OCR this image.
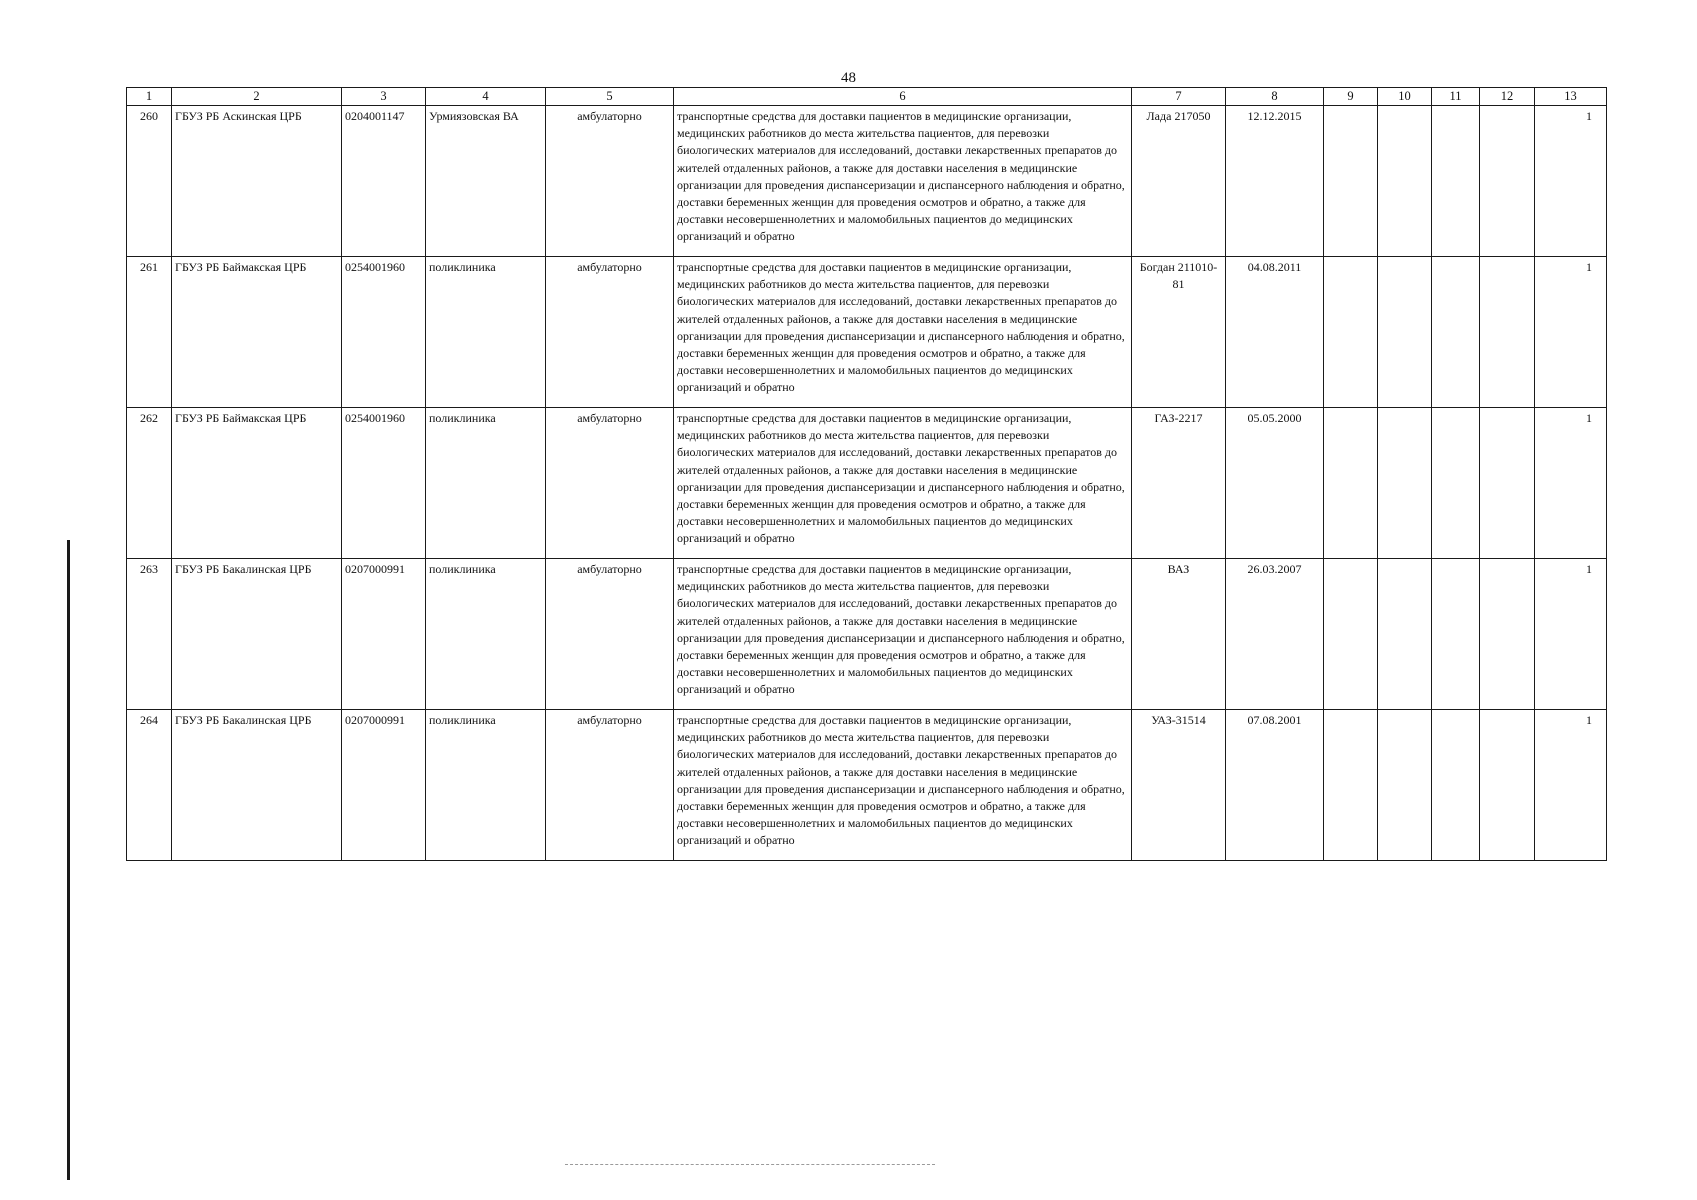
48
1	2	3	4	5	6	7	8	9	10	11	12	13
260	ГБУЗ РБ Аскинская ЦРБ	0204001147	Урмиязовская ВА	амбулаторно	транспортные средства для доставки пациентов в медицинские организации, медицинских работников до места жительства пациентов, для перевозки биологических материалов для исследований, доставки лекарственных препаратов до жителей отдаленных районов, а также для доставки населения в медицинские организации для проведения диспансеризации и диспансерного наблюдения и обратно, доставки беременных женщин для проведения осмотров и обратно, а также для доставки несовершеннолетних и маломобильных пациентов до медицинских организаций и обратно	Лада 217050	12.12.2015					1
261	ГБУЗ РБ Баймакская ЦРБ	0254001960	поликлиника	амбулаторно	транспортные средства для доставки пациентов в медицинские организации, медицинских работников до места жительства пациентов, для перевозки биологических материалов для исследований, доставки лекарственных препаратов до жителей отдаленных районов, а также для доставки населения в медицинские организации для проведения диспансеризации и диспансерного наблюдения и обратно, доставки беременных женщин для проведения осмотров и обратно, а также для доставки несовершеннолетних и маломобильных пациентов до медицинских организаций и обратно	Богдан 211010-81	04.08.2011					1
262	ГБУЗ РБ Баймакская ЦРБ	0254001960	поликлиника	амбулаторно	транспортные средства для доставки пациентов в медицинские организации, медицинских работников до места жительства пациентов, для перевозки биологических материалов для исследований, доставки лекарственных препаратов до жителей отдаленных районов, а также для доставки населения в медицинские организации для проведения диспансеризации и диспансерного наблюдения и обратно, доставки беременных женщин для проведения осмотров и обратно, а также для доставки несовершеннолетних и маломобильных пациентов до медицинских организаций и обратно	ГАЗ-2217	05.05.2000					1
263	ГБУЗ РБ Бакалинская ЦРБ	0207000991	поликлиника	амбулаторно	транспортные средства для доставки пациентов в медицинские организации, медицинских работников до места жительства пациентов, для перевозки биологических материалов для исследований, доставки лекарственных препаратов до жителей отдаленных районов, а также для доставки населения в медицинские организации для проведения диспансеризации и диспансерного наблюдения и обратно, доставки беременных женщин для проведения осмотров и обратно, а также для доставки несовершеннолетних и маломобильных пациентов до медицинских организаций и обратно	ВАЗ	26.03.2007					1
264	ГБУЗ РБ Бакалинская ЦРБ	0207000991	поликлиника	амбулаторно	транспортные средства для доставки пациентов в медицинские организации, медицинских работников до места жительства пациентов, для перевозки биологических материалов для исследований, доставки лекарственных препаратов до жителей отдаленных районов, а также для доставки населения в медицинские организации для проведения диспансеризации и диспансерного наблюдения и обратно, доставки беременных женщин для проведения осмотров и обратно, а также для доставки несовершеннолетних и маломобильных пациентов до медицинских организаций и обратно	УАЗ-31514	07.08.2001					1
